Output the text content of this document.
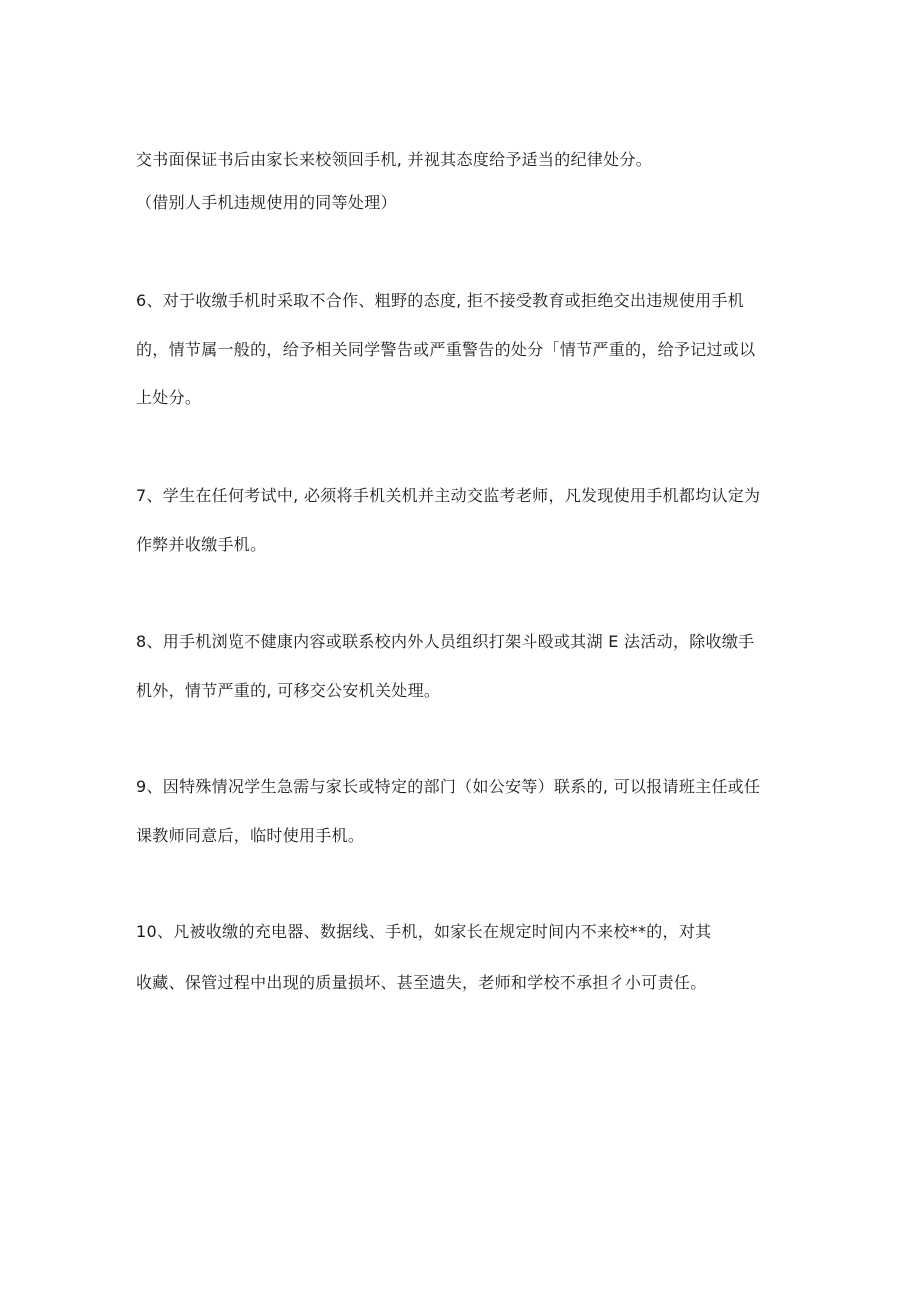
交书面保证书后由家长来校领回手机, 并视其态度给予适当的纪律处分。
（借别人手机违规使用的同等处理）
6、对于收缴手机时采取不合作、粗野的态度, 拒不接受教育或拒绝交出违规使用手机
的，情节属一般的，给予相关同学警告或严重警告的处分「情节严重的，给予记过或以
上处分。
7、学生在任何考试中, 必须将手机关机并主动交监考老师，凡发现使用手机都均认定为
作弊并收缴手机。
8、用手机浏览不健康内容或联系校内外人员组织打架斗殴或其湖 E 法活动，除收缴手
机外，情节严重的, 可移交公安机关处理。
9、因特殊情况学生急需与家长或特定的部门（如公安等）联系的, 可以报请班主任或任
课教师同意后，临时使用手机。
10、凡被收缴的充电器、数据线、手机，如家长在规定时间内不来校**的，对其
收藏、保管过程中出现的质量损坏、甚至遗失，老师和学校不承担彳小可责任。
